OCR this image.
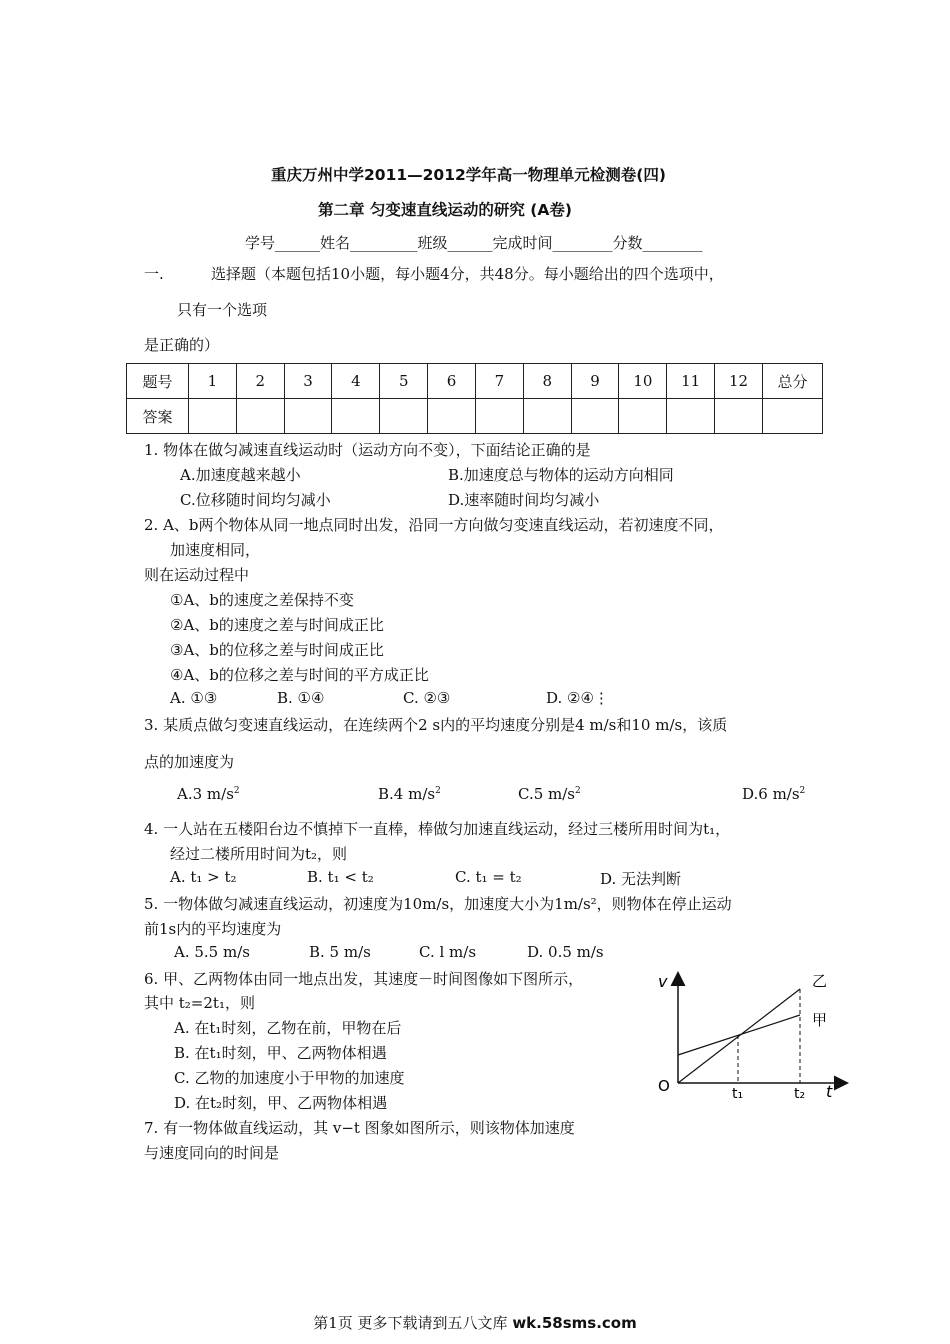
重庆万州中学2011—2012学年高一物理单元检测卷(四)
第二章 匀变速直线运动的研究 (A卷)
学号______姓名_________班级______完成时间________分数________
一.	选择题（本题包括10小题，每小题4分，共48分。每小题给出的四个选项中，
只有一个选项
是正确的）
题号	1	2	3	4	5	6	7	8	9	10	11	12	总分
答案													
1. 物体在做匀减速直线运动时（运动方向不变），下面结论正确的是
A.加速度越来越小	B.加速度总与物体的运动方向相同
C.位移随时间均匀减小	D.速率随时间均匀减小
2. A、b两个物体从同一地点同时出发，沿同一方向做匀变速直线运动，若初速度不同，
加速度相同，
则在运动过程中
①A、b的速度之差保持不变
②A、b的速度之差与时间成正比
③A、b的位移之差与时间成正比
④A、b的位移之差与时间的平方成正比
A. ①③	B. ①④	C. ②③	D. ②④⋮
3. 某质点做匀变速直线运动，在连续两个2 s内的平均速度分别是4 m/s和10 m/s，该质
点的加速度为
A.3 $m/s^2$	B.4 $m/s^2$	C.5 $m/s^2$	D.6 $m/s^2$
4. 一人站在五楼阳台边不慎掉下一直棒，棒做匀加速直线运动，经过三楼所用时间为t₁，
经过二楼所用时间为t₂，则
A. t₁ > t₂	B. t₁ < t₂	C. t₁ = t₂	D. 无法判断
5. 一物体做匀减速直线运动，初速度为10m/s，加速度大小为1m/s²，则物体在停止运动
前1s内的平均速度为
A. 5.5 m/s	B. 5 m/s	C. l m/s	D. 0.5 m/s
6. 甲、乙两物体由同一地点出发，其速度－时间图像如下图所示，
其中 t₂=2t₁，则
A. 在t₁时刻，乙物在前，甲物在后
B. 在t₁时刻，甲、乙两物体相遇
C. 乙物的加速度小于甲物的加速度
D. 在t₂时刻，甲、乙两物体相遇
7. 有一物体做直线运动，其 v−t 图象如图所示，则该物体加速度
与速度同向的时间是
v
t
O	t₁	t₂
乙
甲
第1页 更多下载请到五八文库 wk.58sms.com
